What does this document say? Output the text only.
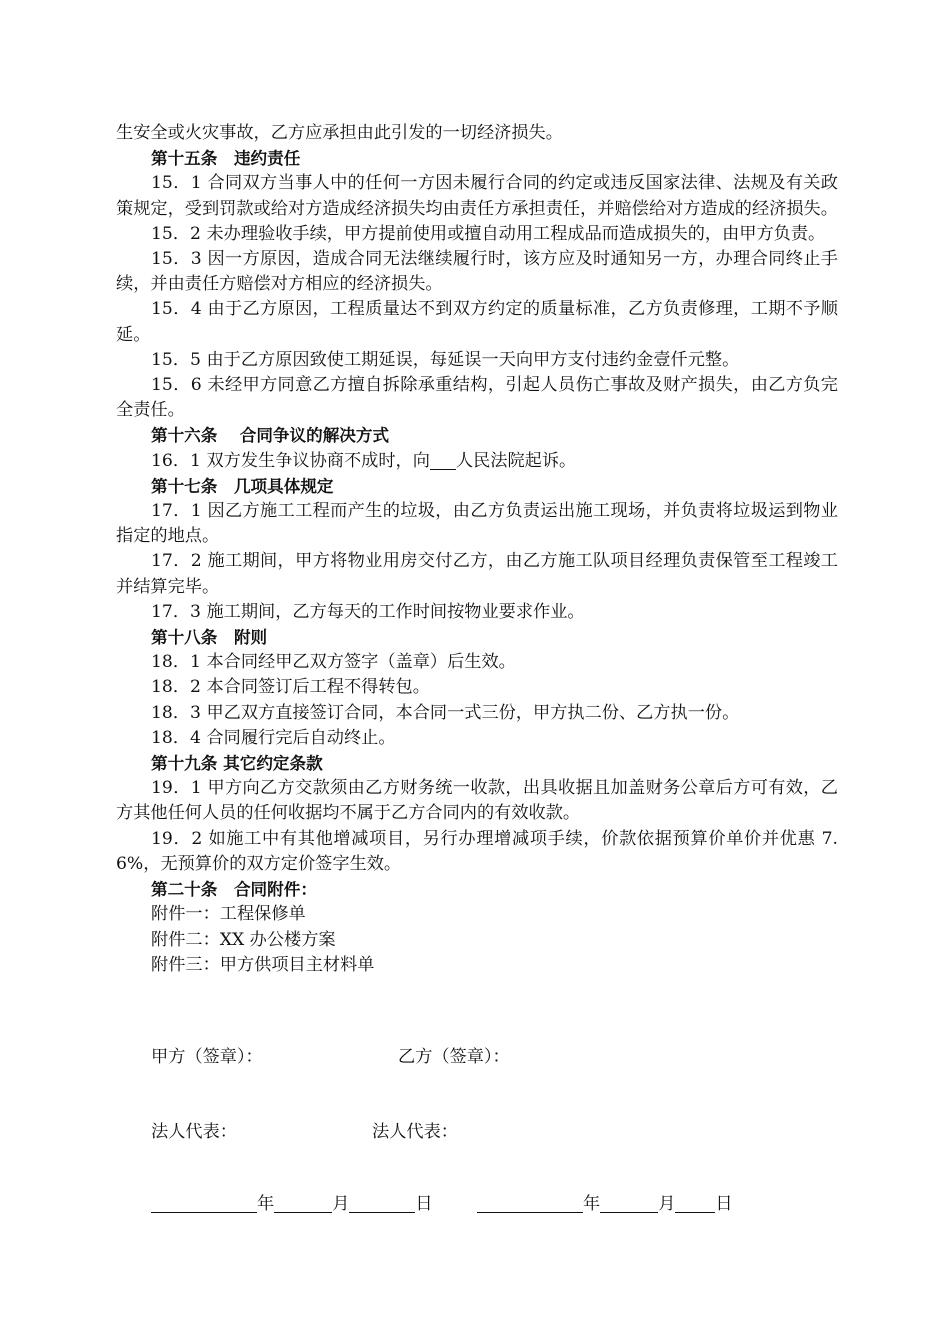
生安全或火灾事故，乙方应承担由此引发的一切经济损失。

第十五条　违约责任

15．1 合同双方当事人中的任何一方因未履行合同的约定或违反国家法律、法规及有关政策规定，受到罚款或给对方造成经济损失均由责任方承担责任，并赔偿给对方造成的经济损失。

15．2 未办理验收手续，甲方提前使用或擅自动用工程成品而造成损失的，由甲方负责。

15．3 因一方原因，造成合同无法继续履行时，该方应及时通知另一方，办理合同终止手续，并由责任方赔偿对方相应的经济损失。

15．4 由于乙方原因，工程质量达不到双方约定的质量标准，乙方负责修理，工期不予顺延。

15．5 由于乙方原因致使工期延误，每延误一天向甲方支付违约金壹仟元整。

15．6 未经甲方同意乙方擅自拆除承重结构，引起人员伤亡事故及财产损失，由乙方负完全责任。

第十六条　 合同争议的解决方式

16．1 双方发生争议协商不成时，向 人民法院起诉。

第十七条　几项具体规定

17．1 因乙方施工工程而产生的垃圾，由乙方负责运出施工现场，并负责将垃圾运到物业指定的地点。

17．2 施工期间，甲方将物业用房交付乙方，由乙方施工队项目经理负责保管至工程竣工并结算完毕。

17．3 施工期间，乙方每天的工作时间按物业要求作业。

第十八条　附则

18．1 本合同经甲乙双方签字（盖章）后生效。

18．2 本合同签订后工程不得转包。

18．3 甲乙双方直接签订合同，本合同一式三份，甲方执二份、乙方执一份。

18．4 合同履行完后自动终止。

第十九条 其它约定条款

19．1 甲方向乙方交款须由乙方财务统一收款，出具收据且加盖财务公章后方可有效，乙方其他任何人员的任何收据均不属于乙方合同内的有效收款。

19．2 如施工中有其他增减项目，另行办理增减项手续，价款依据预算价单价并优惠 7.6%，无预算价的双方定价签字生效。

第二十条　合同附件：

附件一：工程保修单

附件二：XX 办公楼方案

附件三：甲方供项目主材料单

甲方（签章）：	乙方（签章）：
法人代表：	法人代表：
年	月	日	年	月 日
